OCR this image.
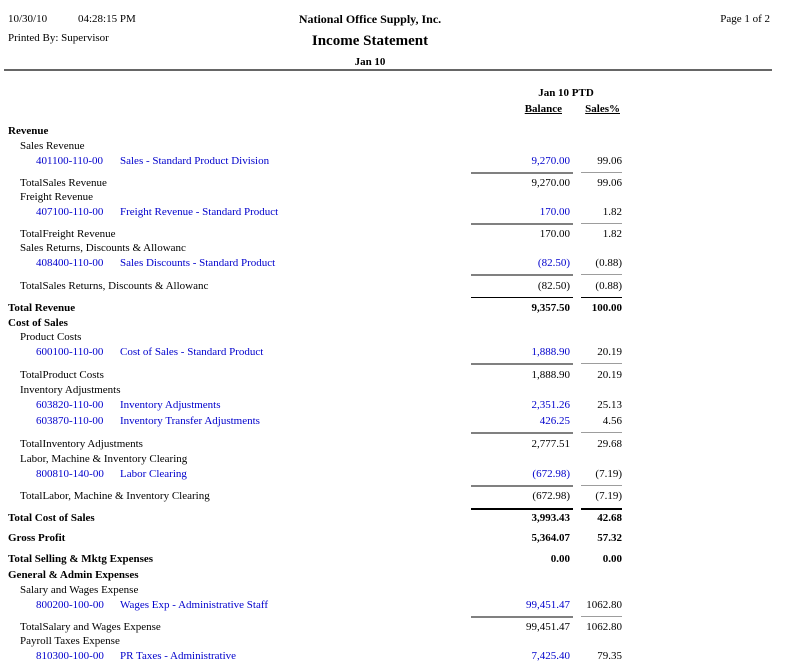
10/30/10	04:28:15 PM
Printed By: Supervisor
Page 1 of 2
National Office Supply, Inc.
Income Statement
Jan 10
Jan 10 PTD
Balance	Sales%
Revenue
Sales Revenue
401100-110-00 Sales - Standard Product Division	9,270.00	99.06
TotalSales Revenue	9,270.00	99.06
Freight Revenue
407100-110-00 Freight Revenue - Standard Product	170.00	1.82
TotalFreight Revenue	170.00	1.82
Sales Returns, Discounts & Allowanc
408400-110-00 Sales Discounts - Standard Product	(82.50)	(0.88)
TotalSales Returns, Discounts & Allowanc	(82.50)	(0.88)
Total Revenue	9,357.50	100.00
Cost of Sales
Product Costs
600100-110-00 Cost of Sales - Standard Product	1,888.90	20.19
TotalProduct Costs	1,888.90	20.19
Inventory Adjustments
603820-110-00 Inventory Adjustments	2,351.26	25.13
603870-110-00 Inventory Transfer Adjustments	426.25	4.56
TotalInventory Adjustments	2,777.51	29.68
Labor, Machine & Inventory Clearing
800810-140-00 Labor Clearing	(672.98)	(7.19)
TotalLabor, Machine & Inventory Clearing	(672.98)	(7.19)
Total Cost of Sales	3,993.43	42.68
Gross Profit	5,364.07	57.32
Total Selling & Mktg Expenses	0.00	0.00
General & Admin Expenses
Salary and Wages Expense
800200-100-00 Wages Exp - Administrative Staff	99,451.47	1062.80
TotalSalary and Wages Expense	99,451.47	1062.80
Payroll Taxes Expense
810300-100-00 PR Taxes - Administrative	7,425.40	79.35
